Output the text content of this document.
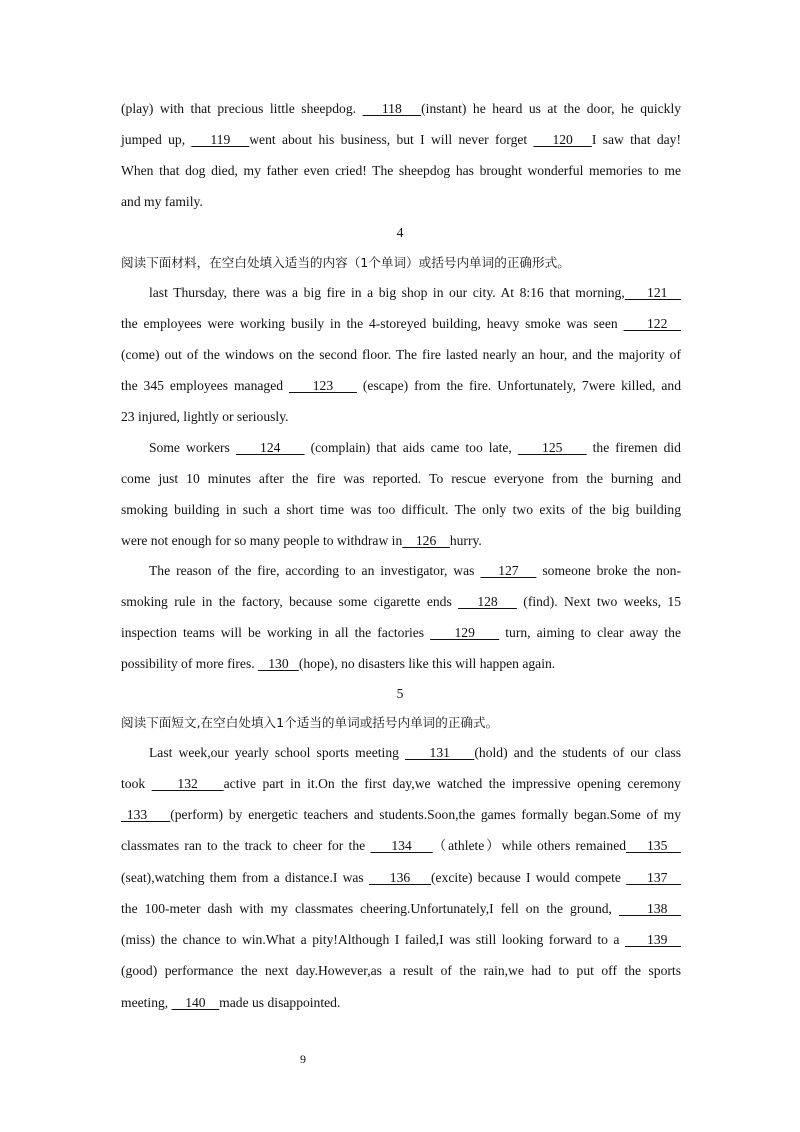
(play) with that precious little sheepdog.    118   (instant) he heard us at the door, he quickly
jumped up,    119   went about his business, but I will never forget    120   I saw that day!
When that dog died, my father even cried! The sheepdog has brought wonderful memories to me
and my family.
4
阅读下面材料，在空白处填入适当的内容（1个单词）或括号内单词的正确形式。
last Thursday, there was a big fire in a big shop in our city. At 8:16 that morning,    121
the employees were working busily in the 4-storeyed building, heavy smoke was seen     122
(come) out of the windows on the second floor. The fire lasted nearly an hour, and the majority of
the 345 employees managed     123     (escape) from the fire. Unfortunately, 7were killed, and
23 injured, lightly or seriously.
Some workers     124     (complain) that aids came too late,     125     the firemen did
come just 10 minutes after the fire was reported. To rescue everyone from the burning and
smoking building in such a short time was too difficult. The only two exits of the big building
were not enough for so many people to withdraw in    126    hurry.
The reason of the fire, according to an investigator, was    127    someone broke the non-
smoking rule in the factory, because some cigarette ends    128    (find). Next two weeks, 15
inspection teams will be working in all the factories     129     turn, aiming to clear away the
possibility of more fires.    130   (hope), no disasters like this will happen again.
5
阅读下面短文,在空白处填入1个适当的单词或括号内单词的正确式。
Last week,our yearly school sports meeting     131    (hold) and the students of our class
took     132    active part in it.On the first day,we watched the impressive opening ceremony
133    (perform) by energetic teachers and students.Soon,the games formally began.Some of my
classmates ran to the track to cheer for the     134    （athlete）while others remained    135
(seat),watching them from a distance.I was     136    (excite) because I would compete     137
the 100-meter dash with my classmates cheering.Unfortunately,I fell on the ground,     138
(miss) the chance to win.What a pity!Although I failed,I was still looking forward to a     139
(good) performance the next day.However,as a result of the rain,we had to put off the sports
meeting,     140    made us disappointed.
9
